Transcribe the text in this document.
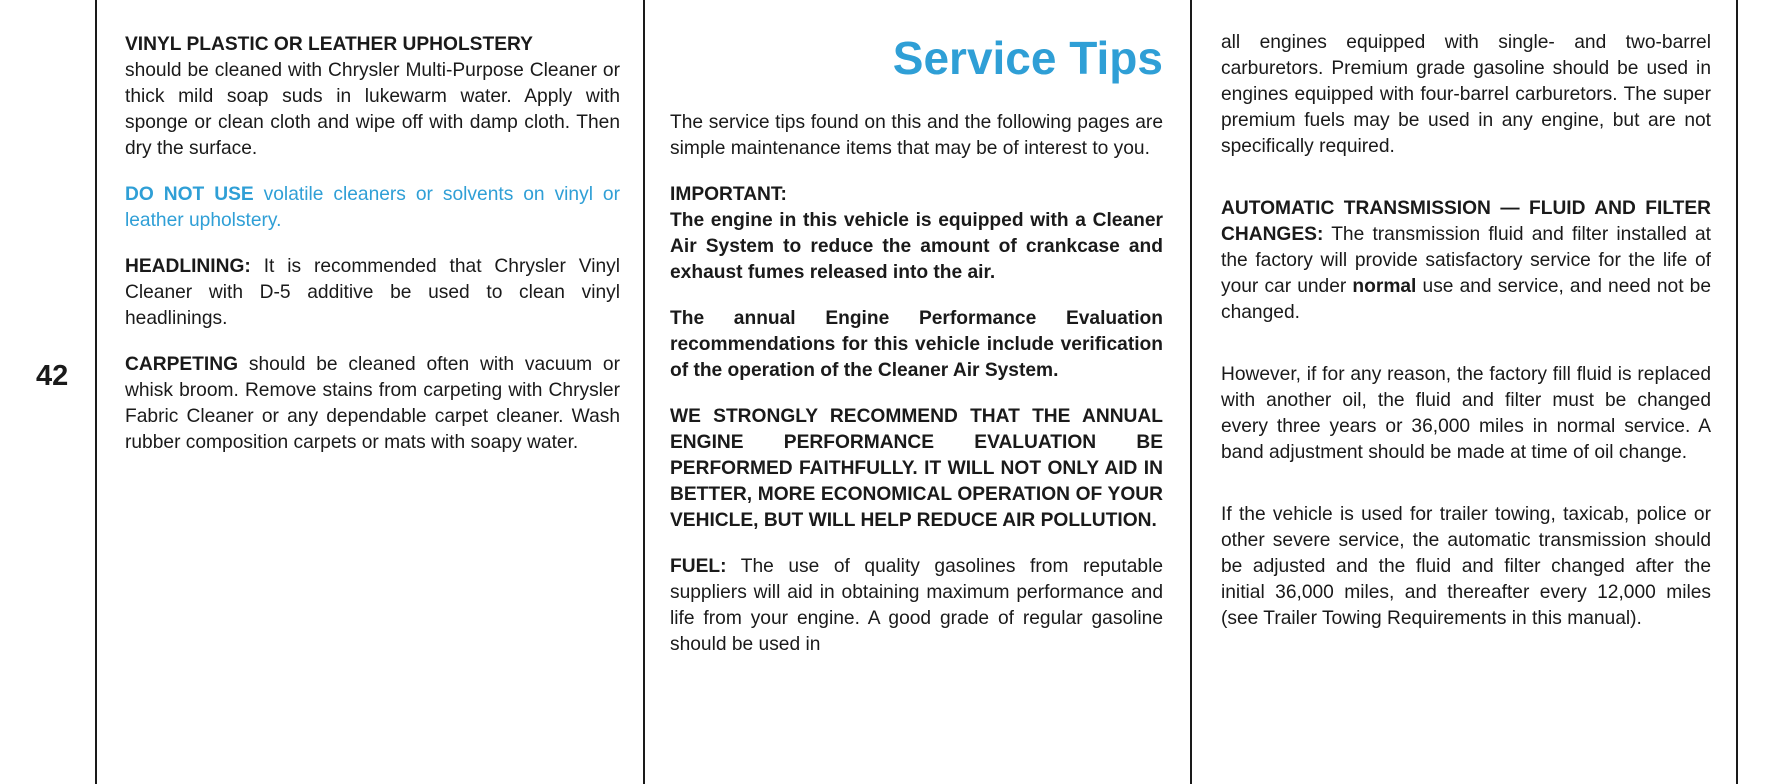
42

VINYL PLASTIC OR LEATHER UPHOLSTERY
should be cleaned with Chrysler Multi-Purpose Cleaner or thick mild soap suds in lukewarm water. Apply with sponge or clean cloth and wipe off with damp cloth. Then dry the surface.

DO NOT USE volatile cleaners or solvents on vinyl or leather upholstery.

HEADLINING: It is recommended that Chrysler Vinyl Cleaner with D-5 additive be used to clean vinyl headlinings.

CARPETING should be cleaned often with vacuum or whisk broom. Remove stains from carpeting with Chrysler Fabric Cleaner or any dependable carpet cleaner. Wash rubber composition carpets or mats with soapy water.

Service Tips

The service tips found on this and the following pages are simple maintenance items that may be of interest to you.

IMPORTANT:
The engine in this vehicle is equipped with a Cleaner Air System to reduce the amount of crankcase and exhaust fumes released into the air.

The annual Engine Performance Evaluation recommendations for this vehicle include verification of the operation of the Cleaner Air System.

WE STRONGLY RECOMMEND THAT THE ANNUAL ENGINE PERFORMANCE EVALUATION BE PERFORMED FAITHFULLY. IT WILL NOT ONLY AID IN BETTER, MORE ECONOMICAL OPERATION OF YOUR VEHICLE, BUT WILL HELP REDUCE AIR POLLUTION.

FUEL: The use of quality gasolines from reputable suppliers will aid in obtaining maximum performance and life from your engine. A good grade of regular gasoline should be used in

all engines equipped with single- and two-barrel carburetors. Premium grade gasoline should be used in engines equipped with four-barrel carburetors. The super premium fuels may be used in any engine, but are not specifically required.

AUTOMATIC TRANSMISSION — FLUID AND FILTER CHANGES: The transmission fluid and filter installed at the factory will provide satisfactory service for the life of your car under normal use and service, and need not be changed.

However, if for any reason, the factory fill fluid is replaced with another oil, the fluid and filter must be changed every three years or 36,000 miles in normal service. A band adjustment should be made at time of oil change.

If the vehicle is used for trailer towing, taxicab, police or other severe service, the automatic transmission should be adjusted and the fluid and filter changed after the initial 36,000 miles, and thereafter every 12,000 miles (see Trailer Towing Requirements in this manual).
